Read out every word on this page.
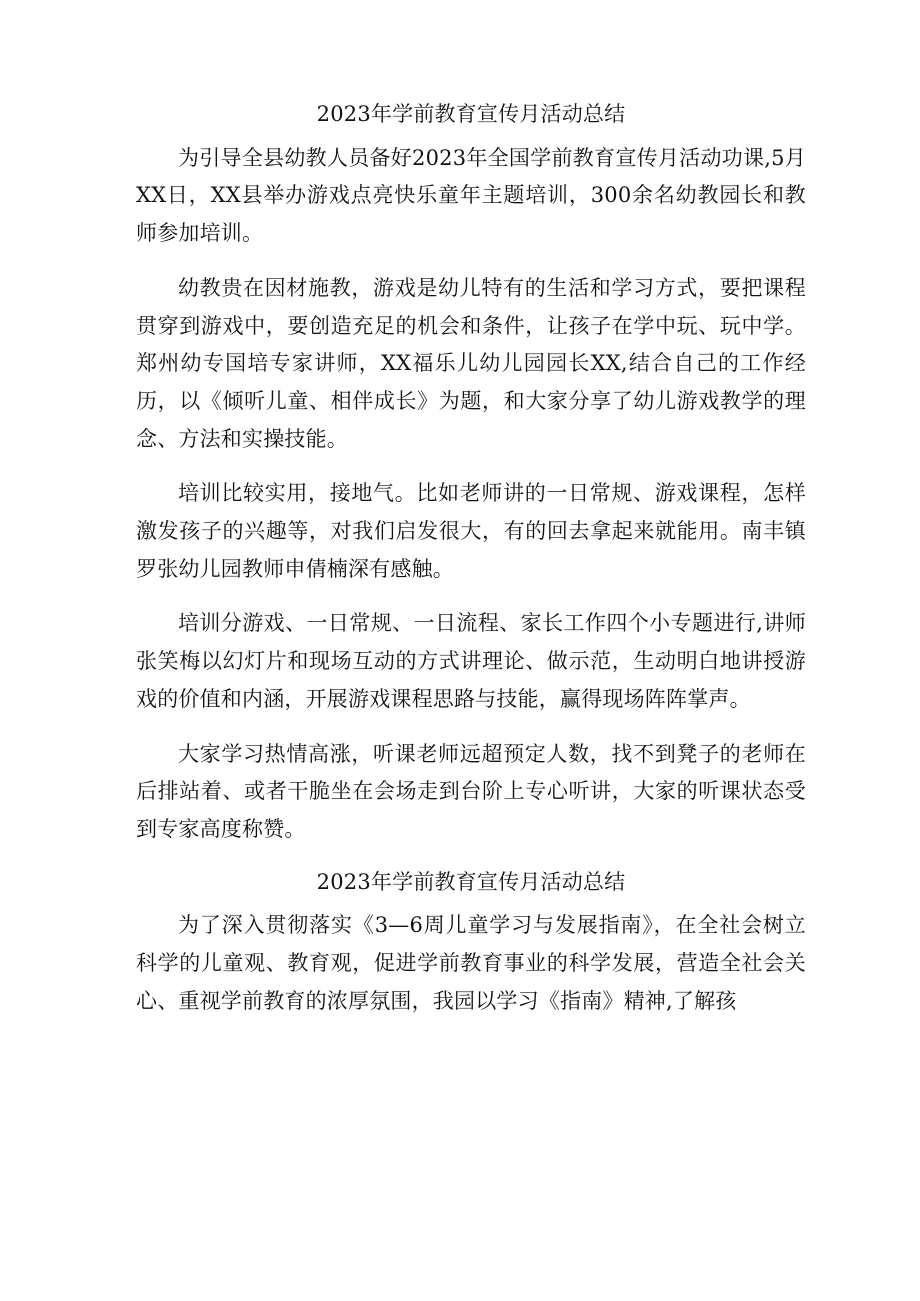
2023年学前教育宣传月活动总结

为引导全县幼教人员备好2023年全国学前教育宣传月活动功课,5月XX日，XX县举办游戏点亮快乐童年主题培训，300余名幼教园长和教师参加培训。

幼教贵在因材施教，游戏是幼儿特有的生活和学习方式，要把课程贯穿到游戏中，要创造充足的机会和条件，让孩子在学中玩、玩中学。郑州幼专国培专家讲师，XX福乐儿幼儿园园长XX,结合自己的工作经历，以《倾听儿童、相伴成长》为题，和大家分享了幼儿游戏教学的理念、方法和实操技能。

培训比较实用，接地气。比如老师讲的一日常规、游戏课程，怎样激发孩子的兴趣等，对我们启发很大，有的回去拿起来就能用。南丰镇罗张幼儿园教师申倩楠深有感触。

培训分游戏、一日常规、一日流程、家长工作四个小专题进行,讲师张笑梅以幻灯片和现场互动的方式讲理论、做示范，生动明白地讲授游戏的价值和内涵，开展游戏课程思路与技能，赢得现场阵阵掌声。

大家学习热情高涨，听课老师远超预定人数，找不到凳子的老师在后排站着、或者干脆坐在会场走到台阶上专心听讲，大家的听课状态受到专家高度称赞。

2023年学前教育宣传月活动总结

为了深入贯彻落实《3—6周儿童学习与发展指南》，在全社会树立科学的儿童观、教育观，促进学前教育事业的科学发展，营造全社会关心、重视学前教育的浓厚氛围，我园以学习《指南》精神,了解孩
